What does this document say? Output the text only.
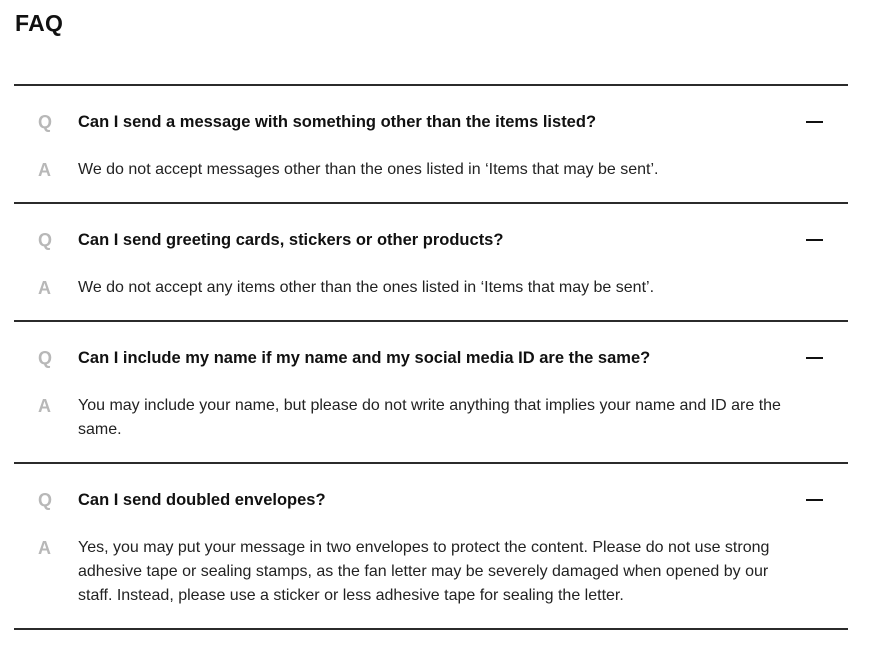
FAQ
Q	Can I send a message with something other than the items listed?
A	We do not accept messages other than the ones listed in ‘Items that may be sent’.
Q	Can I send greeting cards, stickers or other products?
A	We do not accept any items other than the ones listed in ‘Items that may be sent’.
Q	Can I include my name if my name and my social media ID are the same?
A	You may include your name, but please do not write anything that implies your name and ID are the same.
Q	Can I send doubled envelopes?
A	Yes, you may put your message in two envelopes to protect the content. Please do not use strong adhesive tape or sealing stamps, as the fan letter may be severely damaged when opened by our staff. Instead, please use a sticker or less adhesive tape for sealing the letter.
